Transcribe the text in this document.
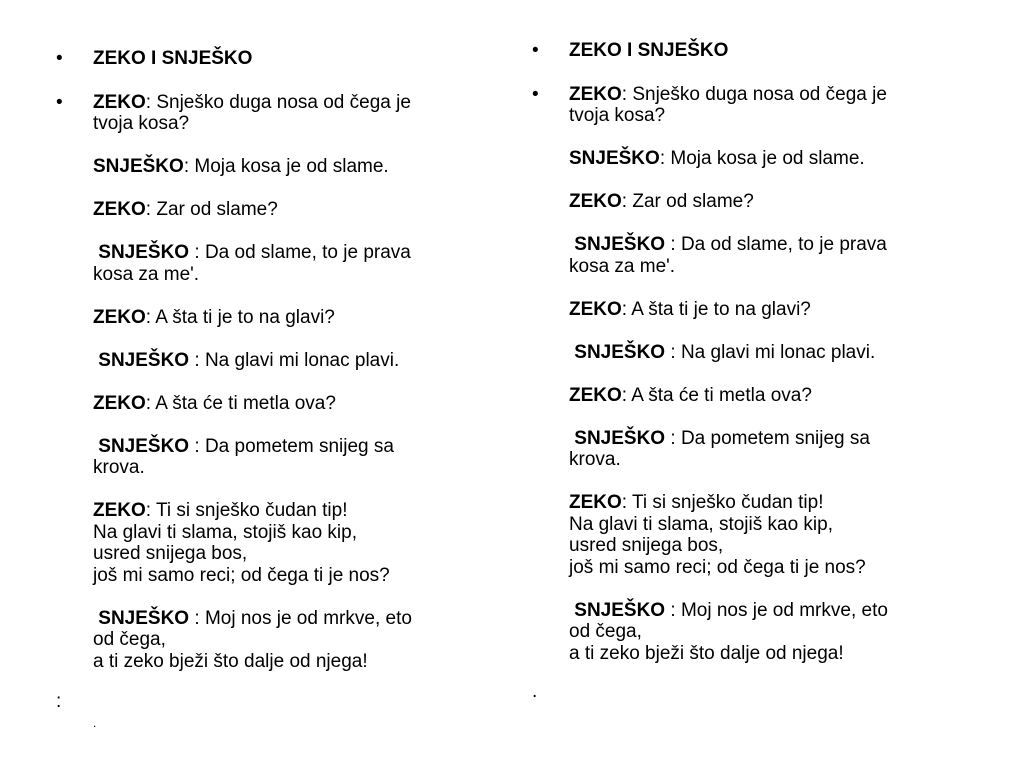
• ZEKO I SNJEŠKO
• ZEKO: Snješko duga nosa od čega je
tvoja kosa?
SNJEŠKO: Moja kosa je od slame.
ZEKO: Zar od slame?
SNJEŠKO : Da od slame, to je prava
kosa za me'.
ZEKO: A šta ti je to na glavi?
SNJEŠKO : Na glavi mi lonac plavi.
ZEKO: A šta će ti metla ova?
SNJEŠKO : Da pometem snijeg sa
krova.
ZEKO: Ti si snješko čudan tip!
Na glavi ti slama, stojiš kao kip,
usred snijega bos,
još mi samo reci; od čega ti je nos?
SNJEŠKO : Moj nos je od mrkve, eto
od čega,
a ti zeko bježi što dalje od njega!
:
.
• ZEKO I SNJEŠKO
• ZEKO: Snješko duga nosa od čega je
tvoja kosa?
SNJEŠKO: Moja kosa je od slame.
ZEKO: Zar od slame?
SNJEŠKO : Da od slame, to je prava
kosa za me'.
ZEKO: A šta ti je to na glavi?
SNJEŠKO : Na glavi mi lonac plavi.
ZEKO: A šta će ti metla ova?
SNJEŠKO : Da pometem snijeg sa
krova.
ZEKO: Ti si snješko čudan tip!
Na glavi ti slama, stojiš kao kip,
usred snijega bos,
još mi samo reci; od čega ti je nos?
SNJEŠKO : Moj nos je od mrkve, eto
od čega,
a ti zeko bježi što dalje od njega!
.
